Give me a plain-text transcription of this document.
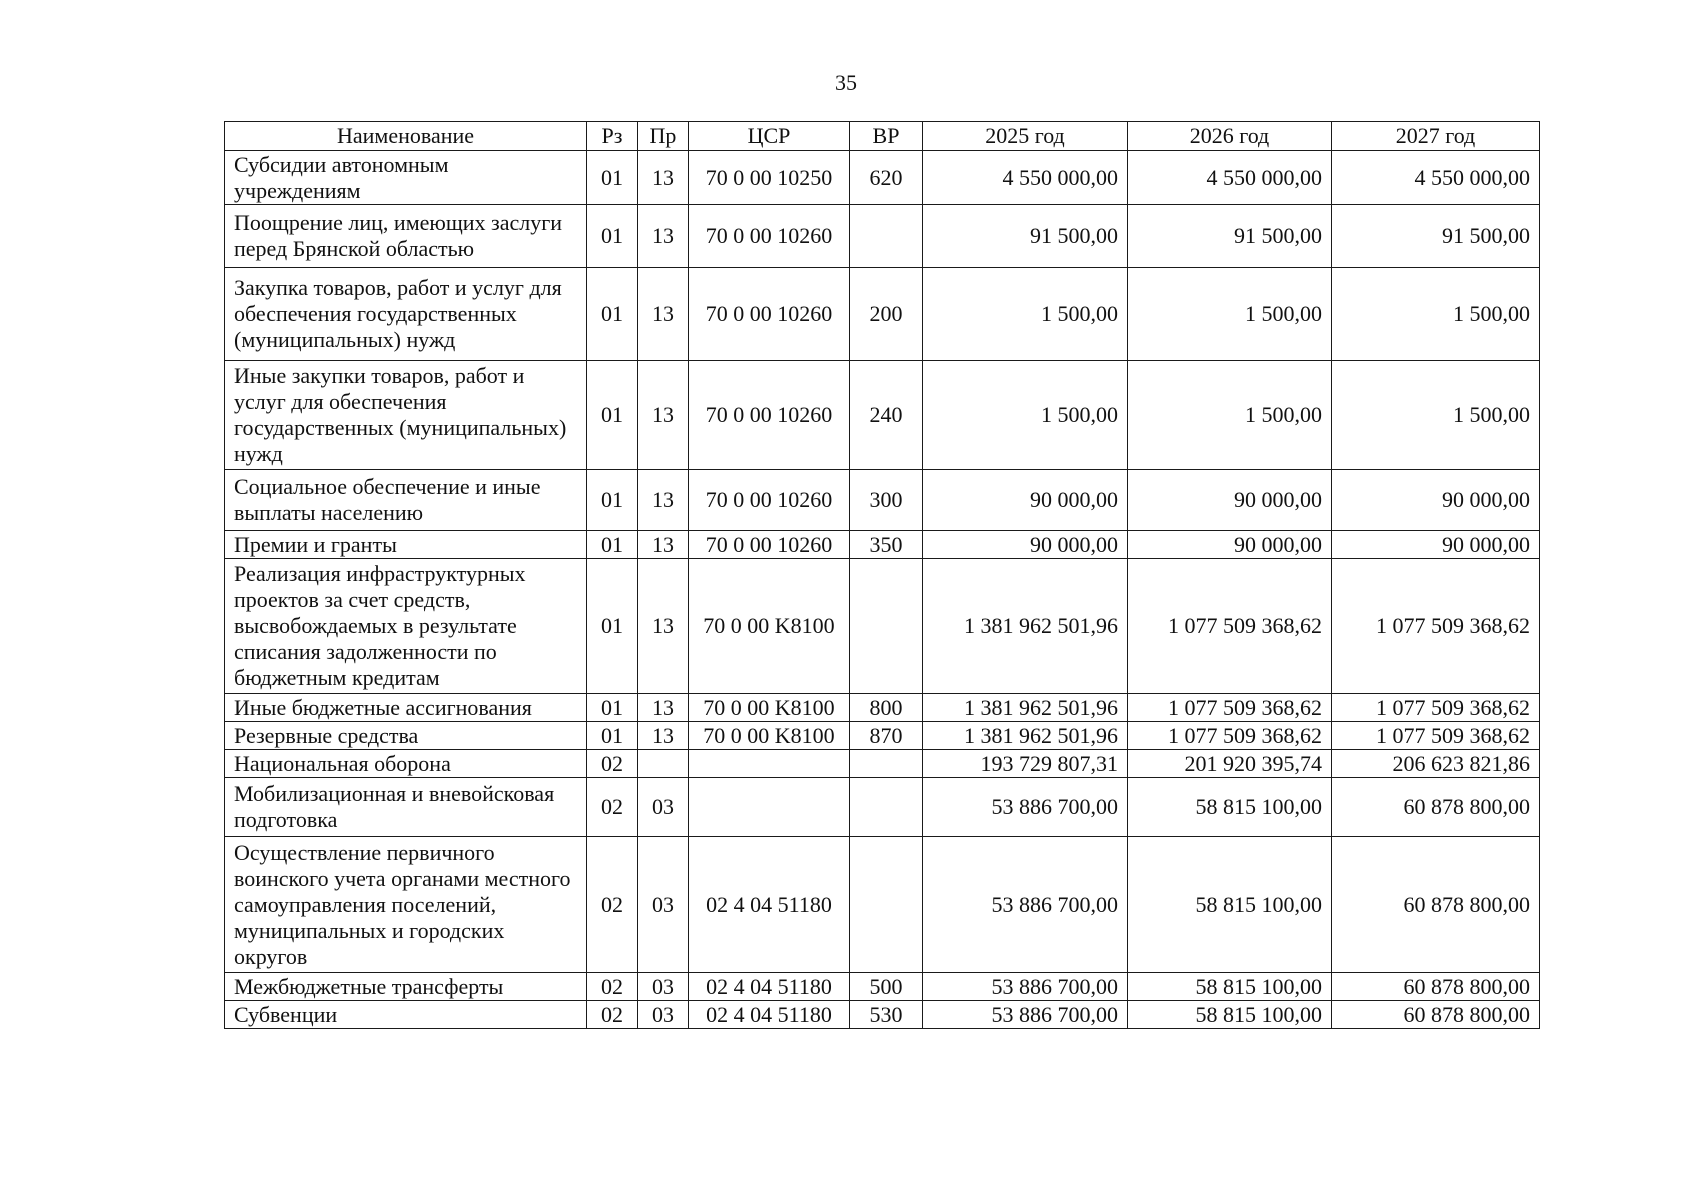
35
Наименование	Рз	Пр	ЦСР	ВР	2025 год	2026 год	2027 год
Субсидии автономным учреждениям	01	13	70 0 00 10250	620	4 550 000,00	4 550 000,00	4 550 000,00
Поощрение лиц, имеющих заслуги перед Брянской областью	01	13	70 0 00 10260		91 500,00	91 500,00	91 500,00
Закупка товаров, работ и услуг для обеспечения государственных (муниципальных) нужд	01	13	70 0 00 10260	200	1 500,00	1 500,00	1 500,00
Иные закупки товаров, работ и услуг для обеспечения государственных (муниципальных) нужд	01	13	70 0 00 10260	240	1 500,00	1 500,00	1 500,00
Социальное обеспечение и иные выплаты населению	01	13	70 0 00 10260	300	90 000,00	90 000,00	90 000,00
Премии и гранты	01	13	70 0 00 10260	350	90 000,00	90 000,00	90 000,00
Реализация инфраструктурных проектов за счет средств, высвобождаемых в результате списания задолженности по бюджетным кредитам	01	13	70 0 00 K8100		1 381 962 501,96	1 077 509 368,62	1 077 509 368,62
Иные бюджетные ассигнования	01	13	70 0 00 K8100	800	1 381 962 501,96	1 077 509 368,62	1 077 509 368,62
Резервные средства	01	13	70 0 00 K8100	870	1 381 962 501,96	1 077 509 368,62	1 077 509 368,62
Национальная оборона	02				193 729 807,31	201 920 395,74	206 623 821,86
Мобилизационная и вневойсковая подготовка	02	03			53 886 700,00	58 815 100,00	60 878 800,00
Осуществление первичного воинского учета органами местного самоуправления поселений, муниципальных и городских округов	02	03	02 4 04 51180		53 886 700,00	58 815 100,00	60 878 800,00
Межбюджетные трансферты	02	03	02 4 04 51180	500	53 886 700,00	58 815 100,00	60 878 800,00
Субвенции	02	03	02 4 04 51180	530	53 886 700,00	58 815 100,00	60 878 800,00
